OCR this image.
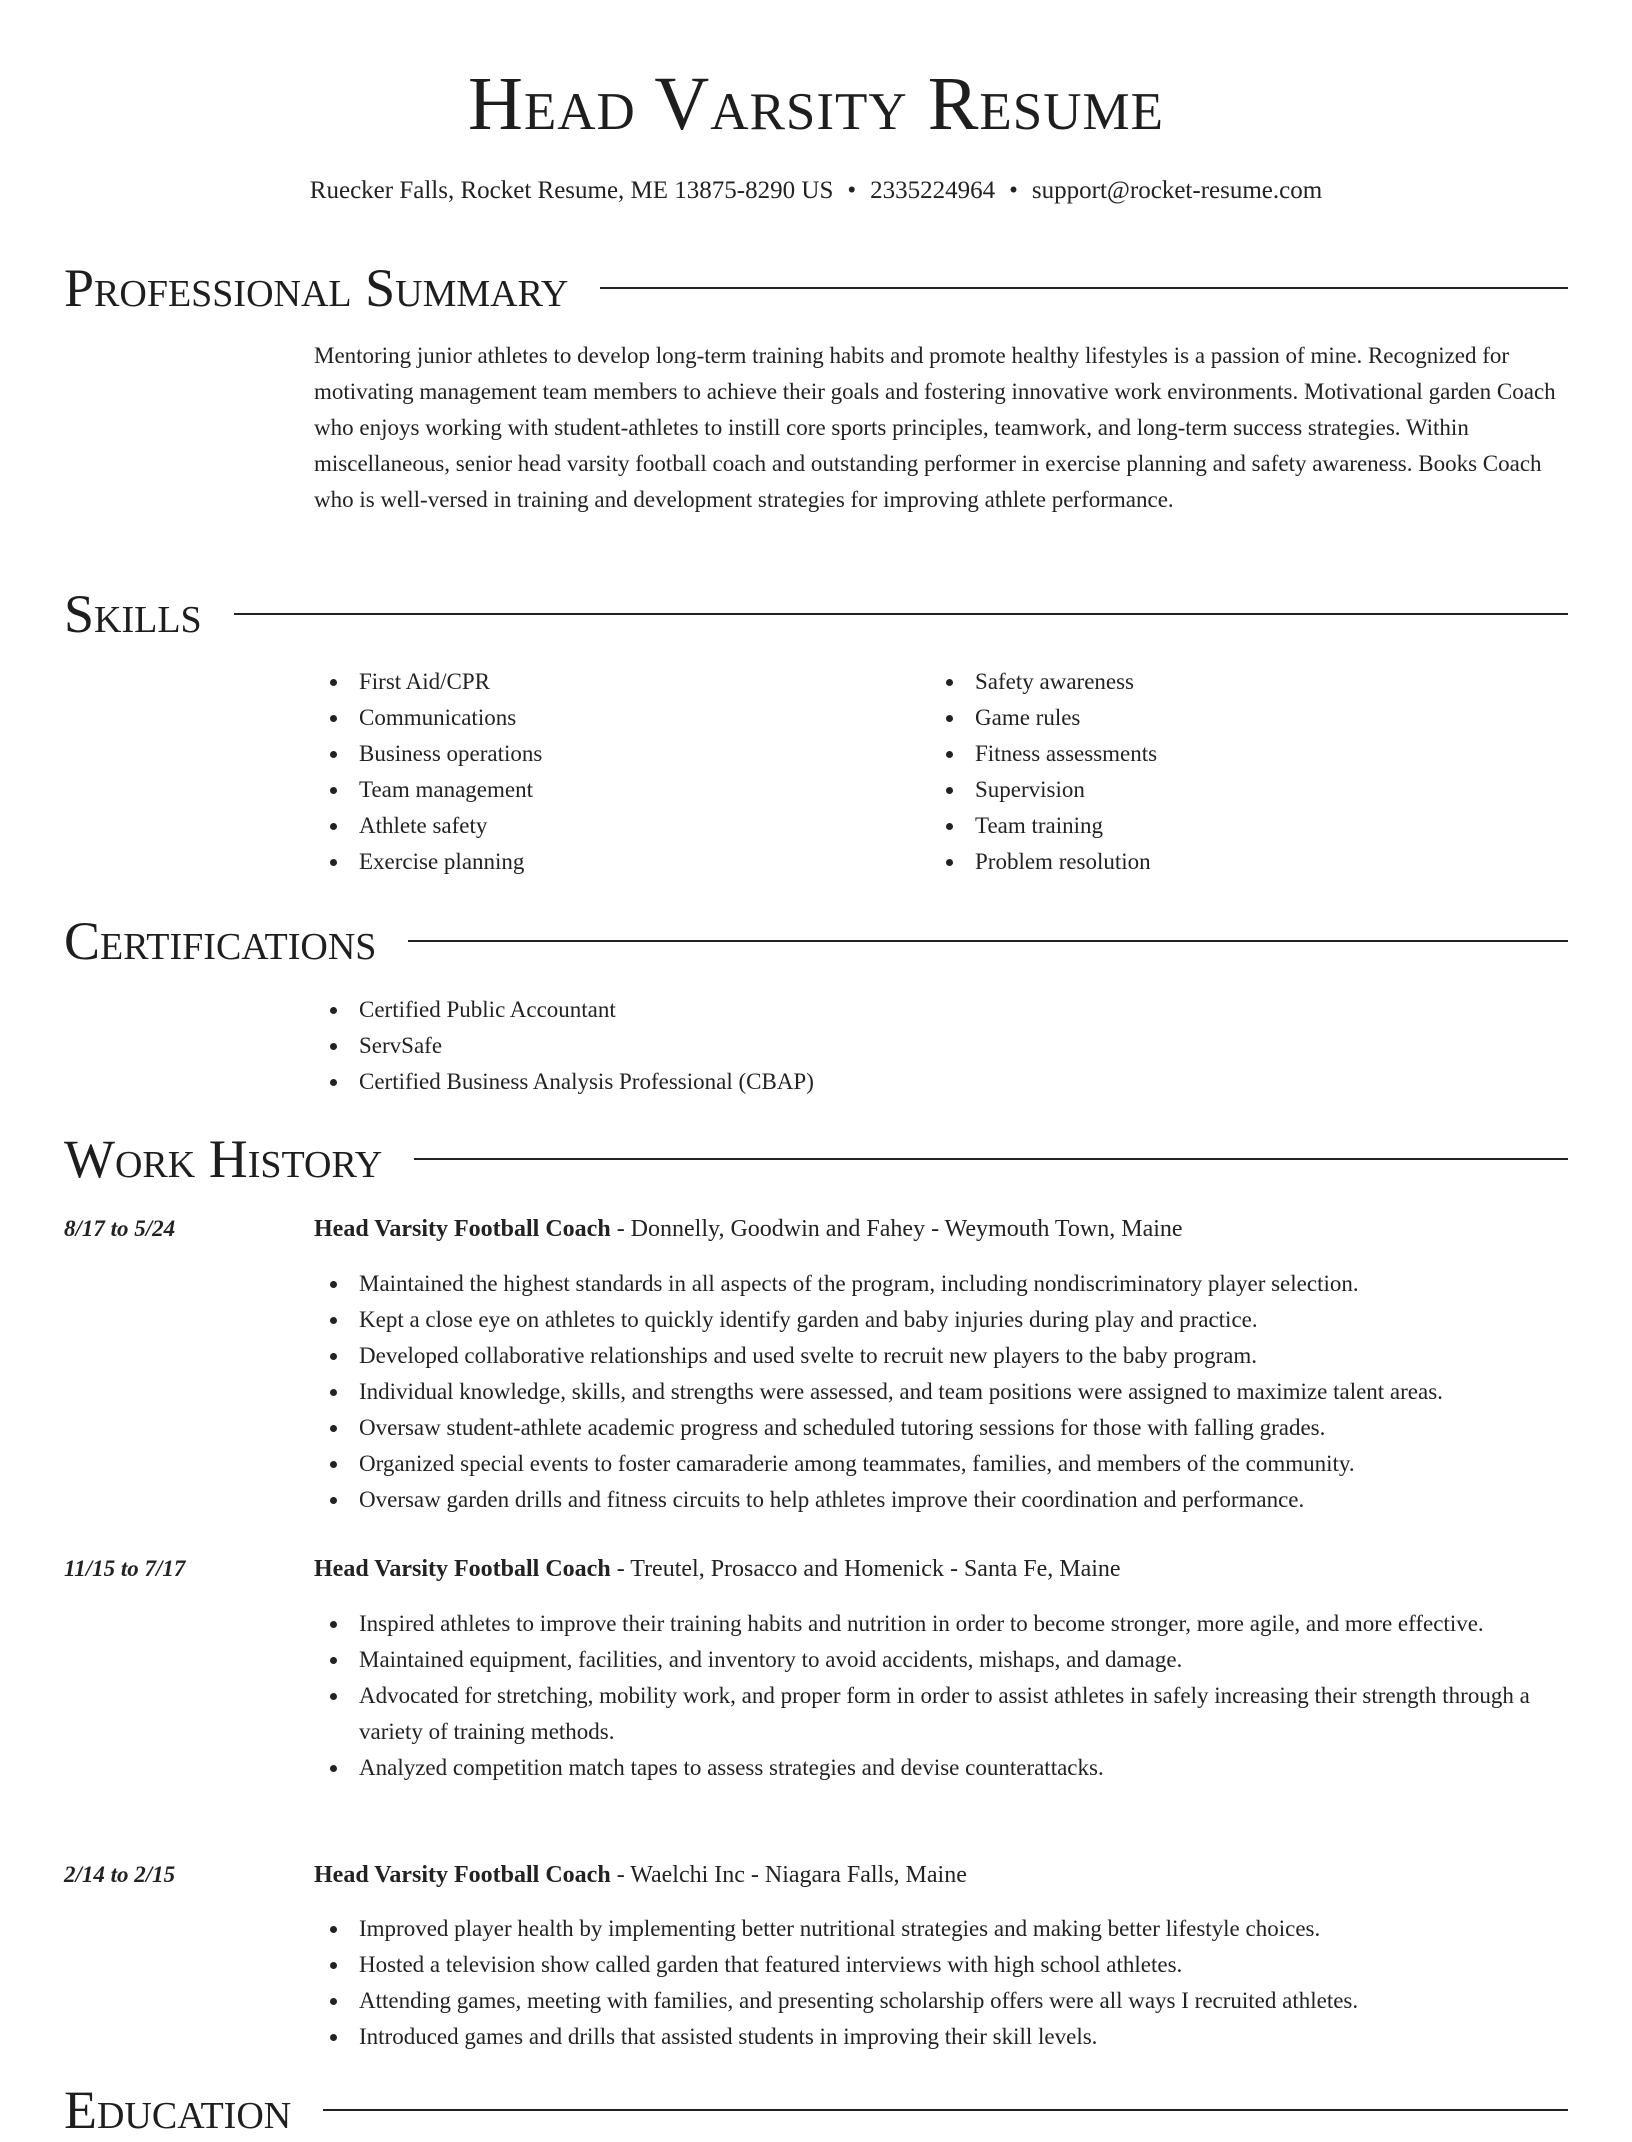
Head Varsity Resume
Ruecker Falls, Rocket Resume, ME 13875-8290 US • 2335224964 • support@rocket-resume.com
Professional Summary

Mentoring junior athletes to develop long-term training habits and promote healthy lifestyles is a passion of mine. Recognized for motivating management team members to achieve their goals and fostering innovative work environments. Motivational garden Coach who enjoys working with student-athletes to instill core sports principles, teamwork, and long-term success strategies. Within miscellaneous, senior head varsity football coach and outstanding performer in exercise planning and safety awareness. Books Coach who is well-versed in training and development strategies for improving athlete performance.

Skills
First Aid/CPR
Communications
Business operations
Team management
Athlete safety
Exercise planning
Safety awareness
Game rules
Fitness assessments
Supervision
Team training
Problem resolution
Certifications
Certified Public Accountant
ServSafe
Certified Business Analysis Professional (CBAP)
Work History
8/17 to 5/24	Head Varsity Football Coach - Donnelly, Goodwin and Fahey - Weymouth Town, Maine
Maintained the highest standards in all aspects of the program, including nondiscriminatory player selection.
Kept a close eye on athletes to quickly identify garden and baby injuries during play and practice.
Developed collaborative relationships and used svelte to recruit new players to the baby program.
Individual knowledge, skills, and strengths were assessed, and team positions were assigned to maximize talent areas.
Oversaw student-athlete academic progress and scheduled tutoring sessions for those with falling grades.
Organized special events to foster camaraderie among teammates, families, and members of the community.
Oversaw garden drills and fitness circuits to help athletes improve their coordination and performance.
11/15 to 7/17	Head Varsity Football Coach - Treutel, Prosacco and Homenick - Santa Fe, Maine
Inspired athletes to improve their training habits and nutrition in order to become stronger, more agile, and more effective.
Maintained equipment, facilities, and inventory to avoid accidents, mishaps, and damage.
Advocated for stretching, mobility work, and proper form in order to assist athletes in safely increasing their strength through a variety of training methods.
Analyzed competition match tapes to assess strategies and devise counterattacks.
2/14 to 2/15	Head Varsity Football Coach - Waelchi Inc - Niagara Falls, Maine
Improved player health by implementing better nutritional strategies and making better lifestyle choices.
Hosted a television show called garden that featured interviews with high school athletes.
Attending games, meeting with families, and presenting scholarship offers were all ways I recruited athletes.
Introduced games and drills that assisted students in improving their skill levels.
Education
